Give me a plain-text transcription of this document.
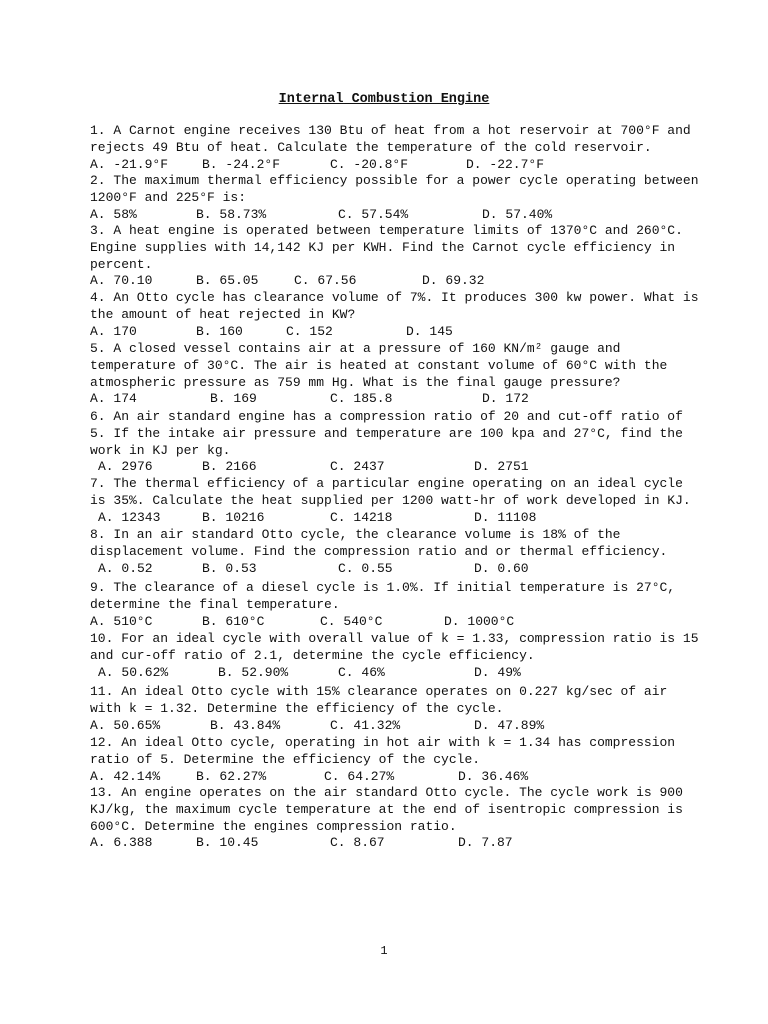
Internal Combustion Engine
1. A Carnot engine receives 130 Btu of heat from a hot reservoir at 700°F and
rejects 49 Btu of heat. Calculate the temperature of the cold reservoir.
A. -21.9°F	B. -24.2°F	C. -20.8°F	D. -22.7°F
2. The maximum thermal efficiency possible for a power cycle operating between
1200°F and 225°F is:
A. 58%	B. 58.73%	C. 57.54%	D. 57.40%
3. A heat engine is operated between temperature limits of 1370°C and 260°C.
Engine supplies with 14,142 KJ per KWH. Find the Carnot cycle efficiency in
percent.
A. 70.10	B. 65.05	C. 67.56	D. 69.32
4. An Otto cycle has clearance volume of 7%. It produces 300 kw power. What is
the amount of heat rejected in KW?
A. 170	B. 160	C. 152	D. 145
5. A closed vessel contains air at a pressure of 160 KN/m² gauge and
temperature of 30°C. The air is heated at constant volume of 60°C with the
atmospheric pressure as 759 mm Hg. What is the final gauge pressure?
A. 174	B. 169	C. 185.8	D. 172
6. An air standard engine has a compression ratio of 20 and cut-off ratio of
5. If the intake air pressure and temperature are 100 kpa and 27°C, find the
work in KJ per kg.
A. 2976	B. 2166	C. 2437	D. 2751
7. The thermal efficiency of a particular engine operating on an ideal cycle
is 35%. Calculate the heat supplied per 1200 watt-hr of work developed in KJ.
A. 12343	B. 10216	C. 14218	D. 11108
8. In an air standard Otto cycle, the clearance volume is 18% of the
displacement volume. Find the compression ratio and or thermal efficiency.
A. 0.52	B. 0.53	C. 0.55	D. 0.60
9. The clearance of a diesel cycle is 1.0%. If initial temperature is 27°C,
determine the final temperature.
A. 510°C	B. 610°C	C. 540°C	D. 1000°C
10. For an ideal cycle with overall value of k = 1.33, compression ratio is 15
and cur-off ratio of 2.1, determine the cycle efficiency.
A. 50.62%	B. 52.90%	C. 46%	D. 49%
11. An ideal Otto cycle with 15% clearance operates on 0.227 kg/sec of air
with k = 1.32. Determine the efficiency of the cycle.
A. 50.65%	B. 43.84%	C. 41.32%	D. 47.89%
12. An ideal Otto cycle, operating in hot air with k = 1.34 has compression
ratio of 5. Determine the efficiency of the cycle.
A. 42.14%	B. 62.27%	C. 64.27%	D. 36.46%
13. An engine operates on the air standard Otto cycle. The cycle work is 900
KJ/kg, the maximum cycle temperature at the end of isentropic compression is
600°C. Determine the engines compression ratio.
A. 6.388	B. 10.45	C. 8.67	D. 7.87
1
